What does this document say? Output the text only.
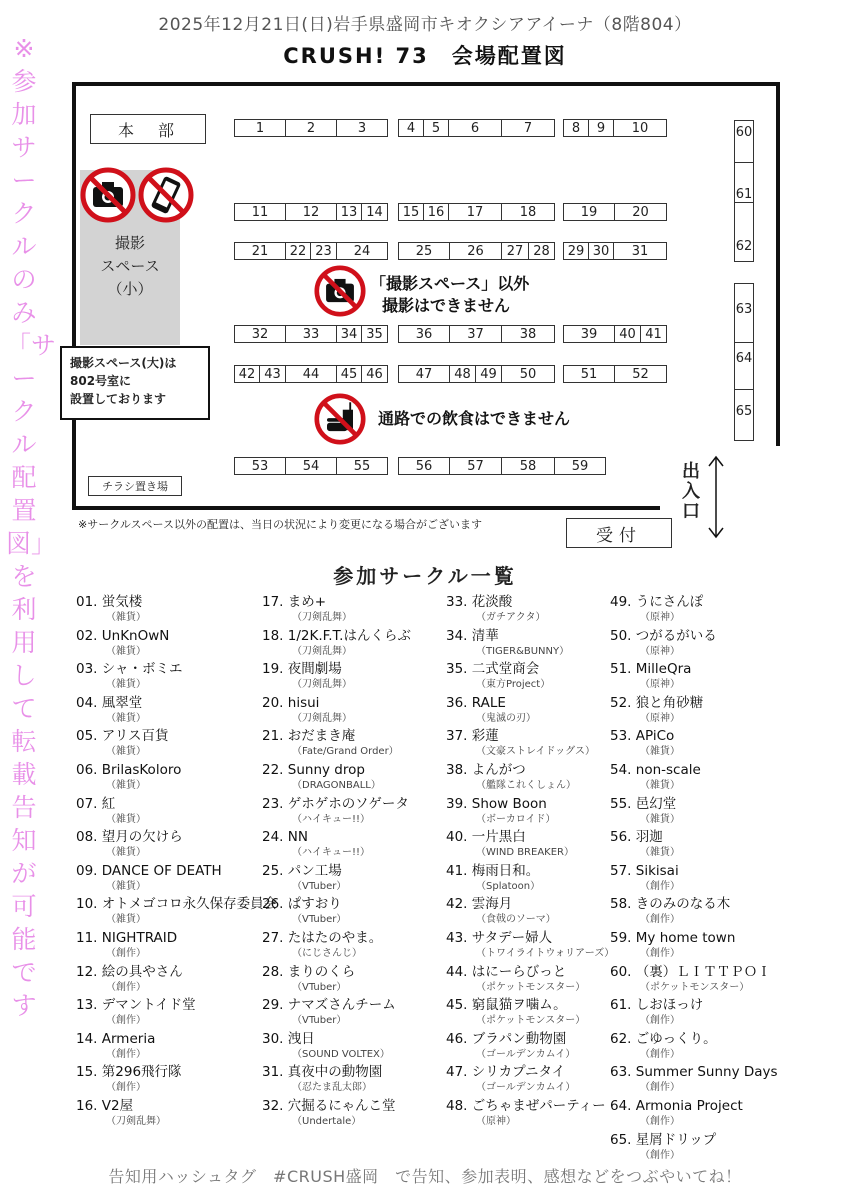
2025年12月21日(日)岩手県盛岡市キオクシアアイーナ（8階804）
CRUSH! 73　会場配置図
※参加サークルのみ「サークル配置図」を利用して転載告知が可能です
本　部
撮影
スペース
（小）
撮影スペース(大)は
802号室に
設置しております
1	2	3	4	5	6	7	8	9	10
11	12	13 14	15 16	17	18	19	20
21	22 23	24	25	26	27 28	29 30	31
「撮影スペース」以外
撮影はできません
32	33	34 35	36	37	38	39	40 41
42 43	44	45 46	47	48 49	50	51	52
通路での飲食はできません
53	54	55	56	57	58	59
60
61
62
63
64
65
チラシ置き場
出
入
口
受付
※サークルスペース以外の配置は、当日の状況により変更になる場合がございます
参加サークル一覧
01. 蛍気楼
（雑貨）
02. UnKnOwN
（雑貨）
03. シャ・ボミエ
（雑貨）
04. 風翠堂
（雑貨）
05. アリス百貨
（雑貨）
06. BrilasKoloro
（雑貨）
07. 紅
（雑貨）
08. 望月の欠けら
（雑貨）
09. DANCE OF DEATH
（雑貨）
10. オトメゴコロ永久保存委員会
（雑貨）
11. NIGHTRAID
（創作）
12. 絵の具やさん
（創作）
13. デマントイド堂
（創作）
14. Armeria
（創作）
15. 第296飛行隊
（創作）
16. V2屋
（刀剣乱舞）
17. まめ+
（刀剣乱舞）
18. 1/2K.F.T.はんくらぶ
（刀剣乱舞）
19. 夜間劇場
（刀剣乱舞）
20. hisui
（刀剣乱舞）
21. おだまき庵
（Fate/Grand Order）
22. Sunny drop
（DRAGONBALL）
23. ゲホゲホのソゲータ
（ハイキュー!!）
24. NN
（ハイキュー!!）
25. パン工場
（VTuber）
26. ぱすおり
（VTuber）
27. たはたのやま。
（にじさんじ）
28. まりのくら
（VTuber）
29. ナマズさんチーム
（VTuber）
30. 洩日
（SOUND VOLTEX）
31. 真夜中の動物園
（忍たま乱太郎）
32. 穴掘るにゃんこ堂
（Undertale）
33. 花淡酸
（ガチアクタ）
34. 清華
（TIGER&BUNNY）
35. 二式堂商会
（東方Project）
36. RALE
（鬼滅の刃）
37. 彩蓮
（文豪ストレイドッグス）
38. よんがつ
（艦隊これくしょん）
39. Show Boon
（ボーカロイド）
40. 一片黒白
（WIND BREAKER）
41. 梅雨日和。
（Splatoon）
42. 雲海月
（食戟のソーマ）
43. サタデー婦人
（トワイライトウォリアーズ）
44. はにーらびっと
（ポケットモンスター）
45. 窮鼠猫ヲ噛ム。
（ポケットモンスター）
46. ブラパン動物園
（ゴールデンカムイ）
47. シリカプニタイ
（ゴールデンカムイ）
48. ごちゃまぜパーティー
（原神）
49. うにさんぽ
（原神）
50. つがるがいる
（原神）
51. MilleQra
（原神）
52. 狼と角砂糖
（原神）
53. APiCo
（雑貨）
54. non-scale
（雑貨）
55. 邑幻堂
（雑貨）
56. 羽迦
（雑貨）
57. Sikisai
（創作）
58. きのみのなる木
（創作）
59. My home town
（創作）
60. （裏）ＬＩＴＴＰＯＩ
（ポケットモンスター）
61. しおほっけ
（創作）
62. ごゆっくり。
（創作）
63. Summer Sunny Days
（創作）
64. Armonia Project
（創作）
65. 星屑ドリップ
（創作）
告知用ハッシュタグ　#CRUSH盛岡　で告知、参加表明、感想などをつぶやいてね！
